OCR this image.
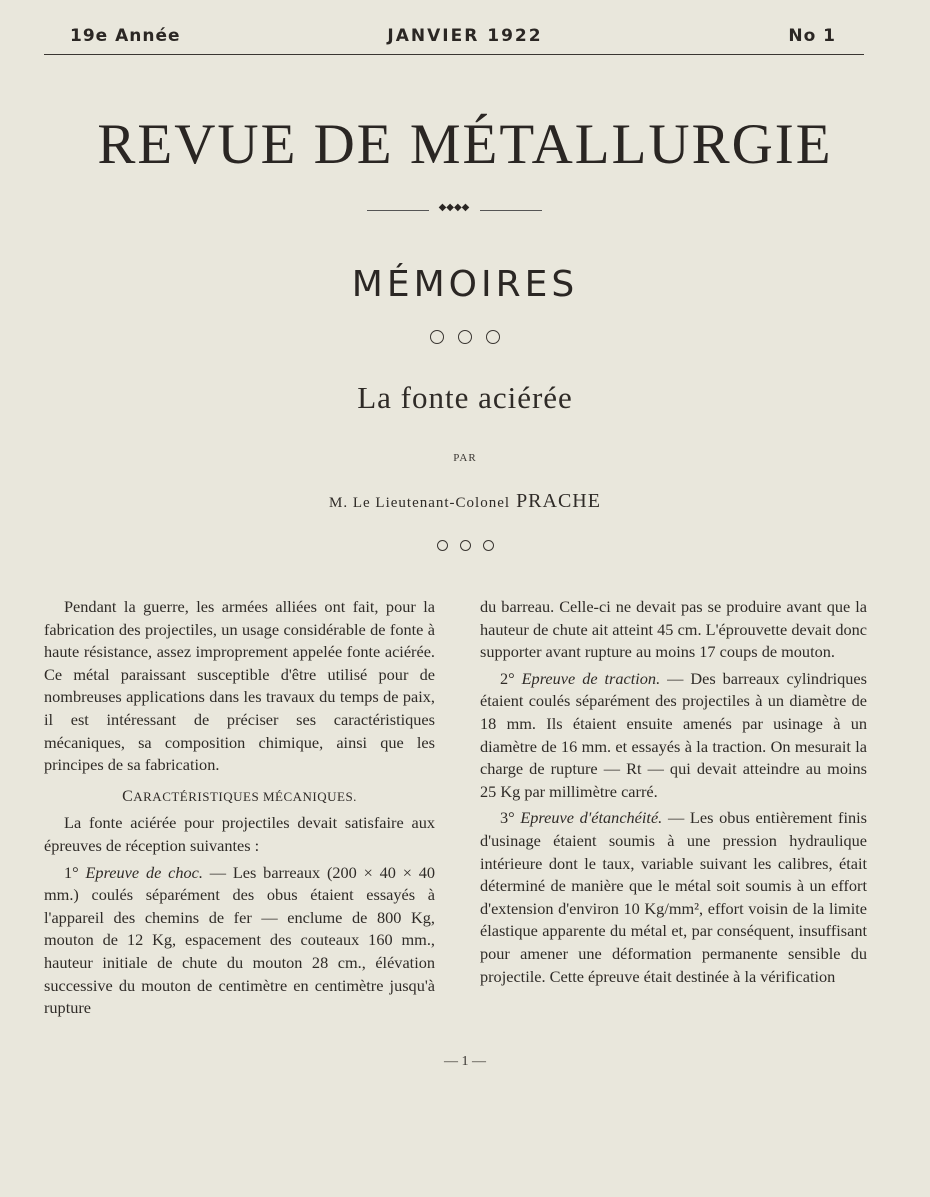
19e Année	JANVIER 1922	No 1
REVUE DE MÉTALLURGIE
◆◆◆◆
MÉMOIRES
La fonte aciérée
PAR
M. Le Lieutenant-Colonel PRACHE

Pendant la guerre, les armées alliées ont fait, pour la fabrication des projectiles, un usage considérable de fonte à haute résistance, assez improprement appelée fonte aciérée. Ce métal paraissant susceptible d'être utilisé pour de nombreuses applications dans les travaux du temps de paix, il est intéressant de préciser ses caractéristiques mécaniques, sa composition chimique, ainsi que les principes de sa fabrication.

CARACTÉRISTIQUES MÉCANIQUES.

La fonte aciérée pour projectiles devait satisfaire aux épreuves de réception suivantes :

1° Epreuve de choc. — Les barreaux (200 × 40 × 40 mm.) coulés séparément des obus étaient essayés à l'appareil des chemins de fer — enclume de 800 Kg, mouton de 12 Kg, espacement des couteaux 160 mm., hauteur initiale de chute du mouton 28 cm., élévation successive du mouton de centimètre en centimètre jusqu'à rupture

du barreau. Celle-ci ne devait pas se produire avant que la hauteur de chute ait atteint 45 cm. L'éprouvette devait donc supporter avant rupture au moins 17 coups de mouton.

2° Epreuve de traction. — Des barreaux cylindriques étaient coulés séparément des projectiles à un diamètre de 18 mm. Ils étaient ensuite amenés par usinage à un diamètre de 16 mm. et essayés à la traction. On mesurait la charge de rupture — Rt — qui devait atteindre au moins 25 Kg par millimètre carré.

3° Epreuve d'étanchéité. — Les obus entièrement finis d'usinage étaient soumis à une pression hydraulique intérieure dont le taux, variable suivant les calibres, était déterminé de manière que le métal soit soumis à un effort d'extension d'environ 10 Kg/mm², effort voisin de la limite élastique apparente du métal et, par conséquent, insuffisant pour amener une déformation permanente sensible du projectile. Cette épreuve était destinée à la vérification

— 1 —
